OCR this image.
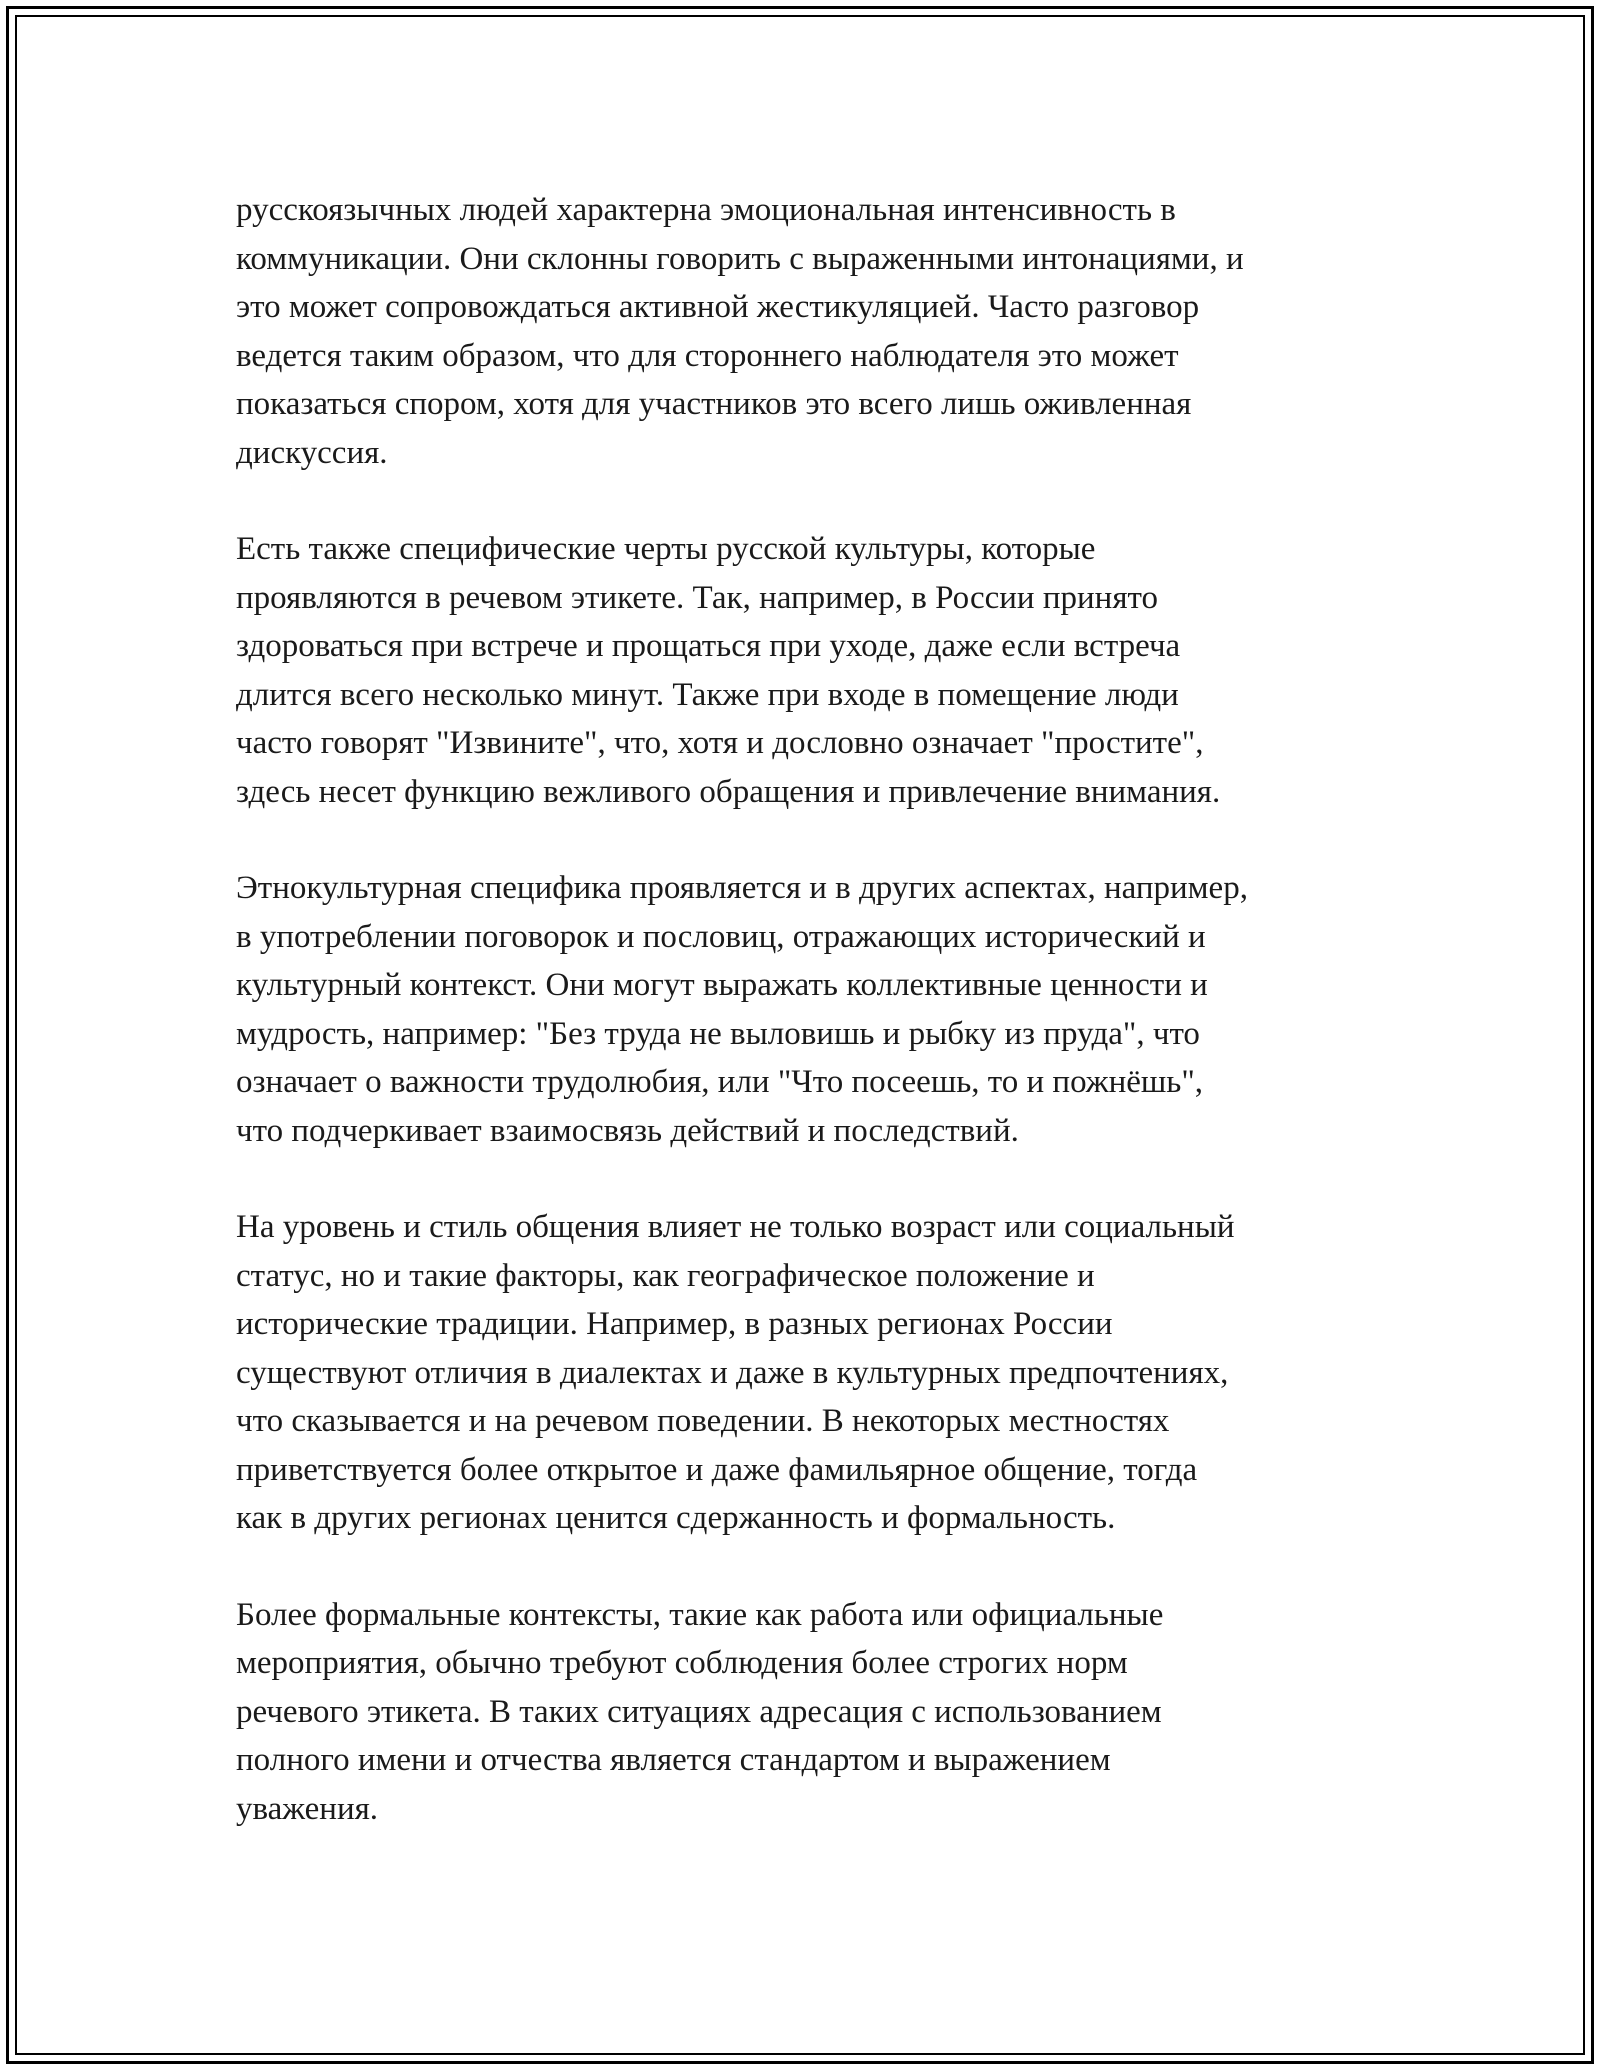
русскоязычных людей характерна эмоциональная интенсивность в
коммуникации. Они склонны говорить с выраженными интонациями, и
это может сопровождаться активной жестикуляцией. Часто разговор
ведется таким образом, что для стороннего наблюдателя это может
показаться спором, хотя для участников это всего лишь оживленная
дискуссия.
Есть также специфические черты русской культуры, которые
проявляются в речевом этикете. Так, например, в России принято
здороваться при встрече и прощаться при уходе, даже если встреча
длится всего несколько минут. Также при входе в помещение люди
часто говорят "Извините", что, хотя и дословно означает "простите",
здесь несет функцию вежливого обращения и привлечение внимания.
Этнокультурная специфика проявляется и в других аспектах, например,
в употреблении поговорок и пословиц, отражающих исторический и
культурный контекст. Они могут выражать коллективные ценности и
мудрость, например: "Без труда не выловишь и рыбку из пруда", что
означает о важности трудолюбия, или "Что посеешь, то и пожнёшь",
что подчеркивает взаимосвязь действий и последствий.
На уровень и стиль общения влияет не только возраст или социальный
статус, но и такие факторы, как географическое положение и
исторические традиции. Например, в разных регионах России
существуют отличия в диалектах и даже в культурных предпочтениях,
что сказывается и на речевом поведении. В некоторых местностях
приветствуется более открытое и даже фамильярное общение, тогда
как в других регионах ценится сдержанность и формальность.
Более формальные контексты, такие как работа или официальные
мероприятия, обычно требуют соблюдения более строгих норм
речевого этикета. В таких ситуациях адресация с использованием
полного имени и отчества является стандартом и выражением
уважения.
